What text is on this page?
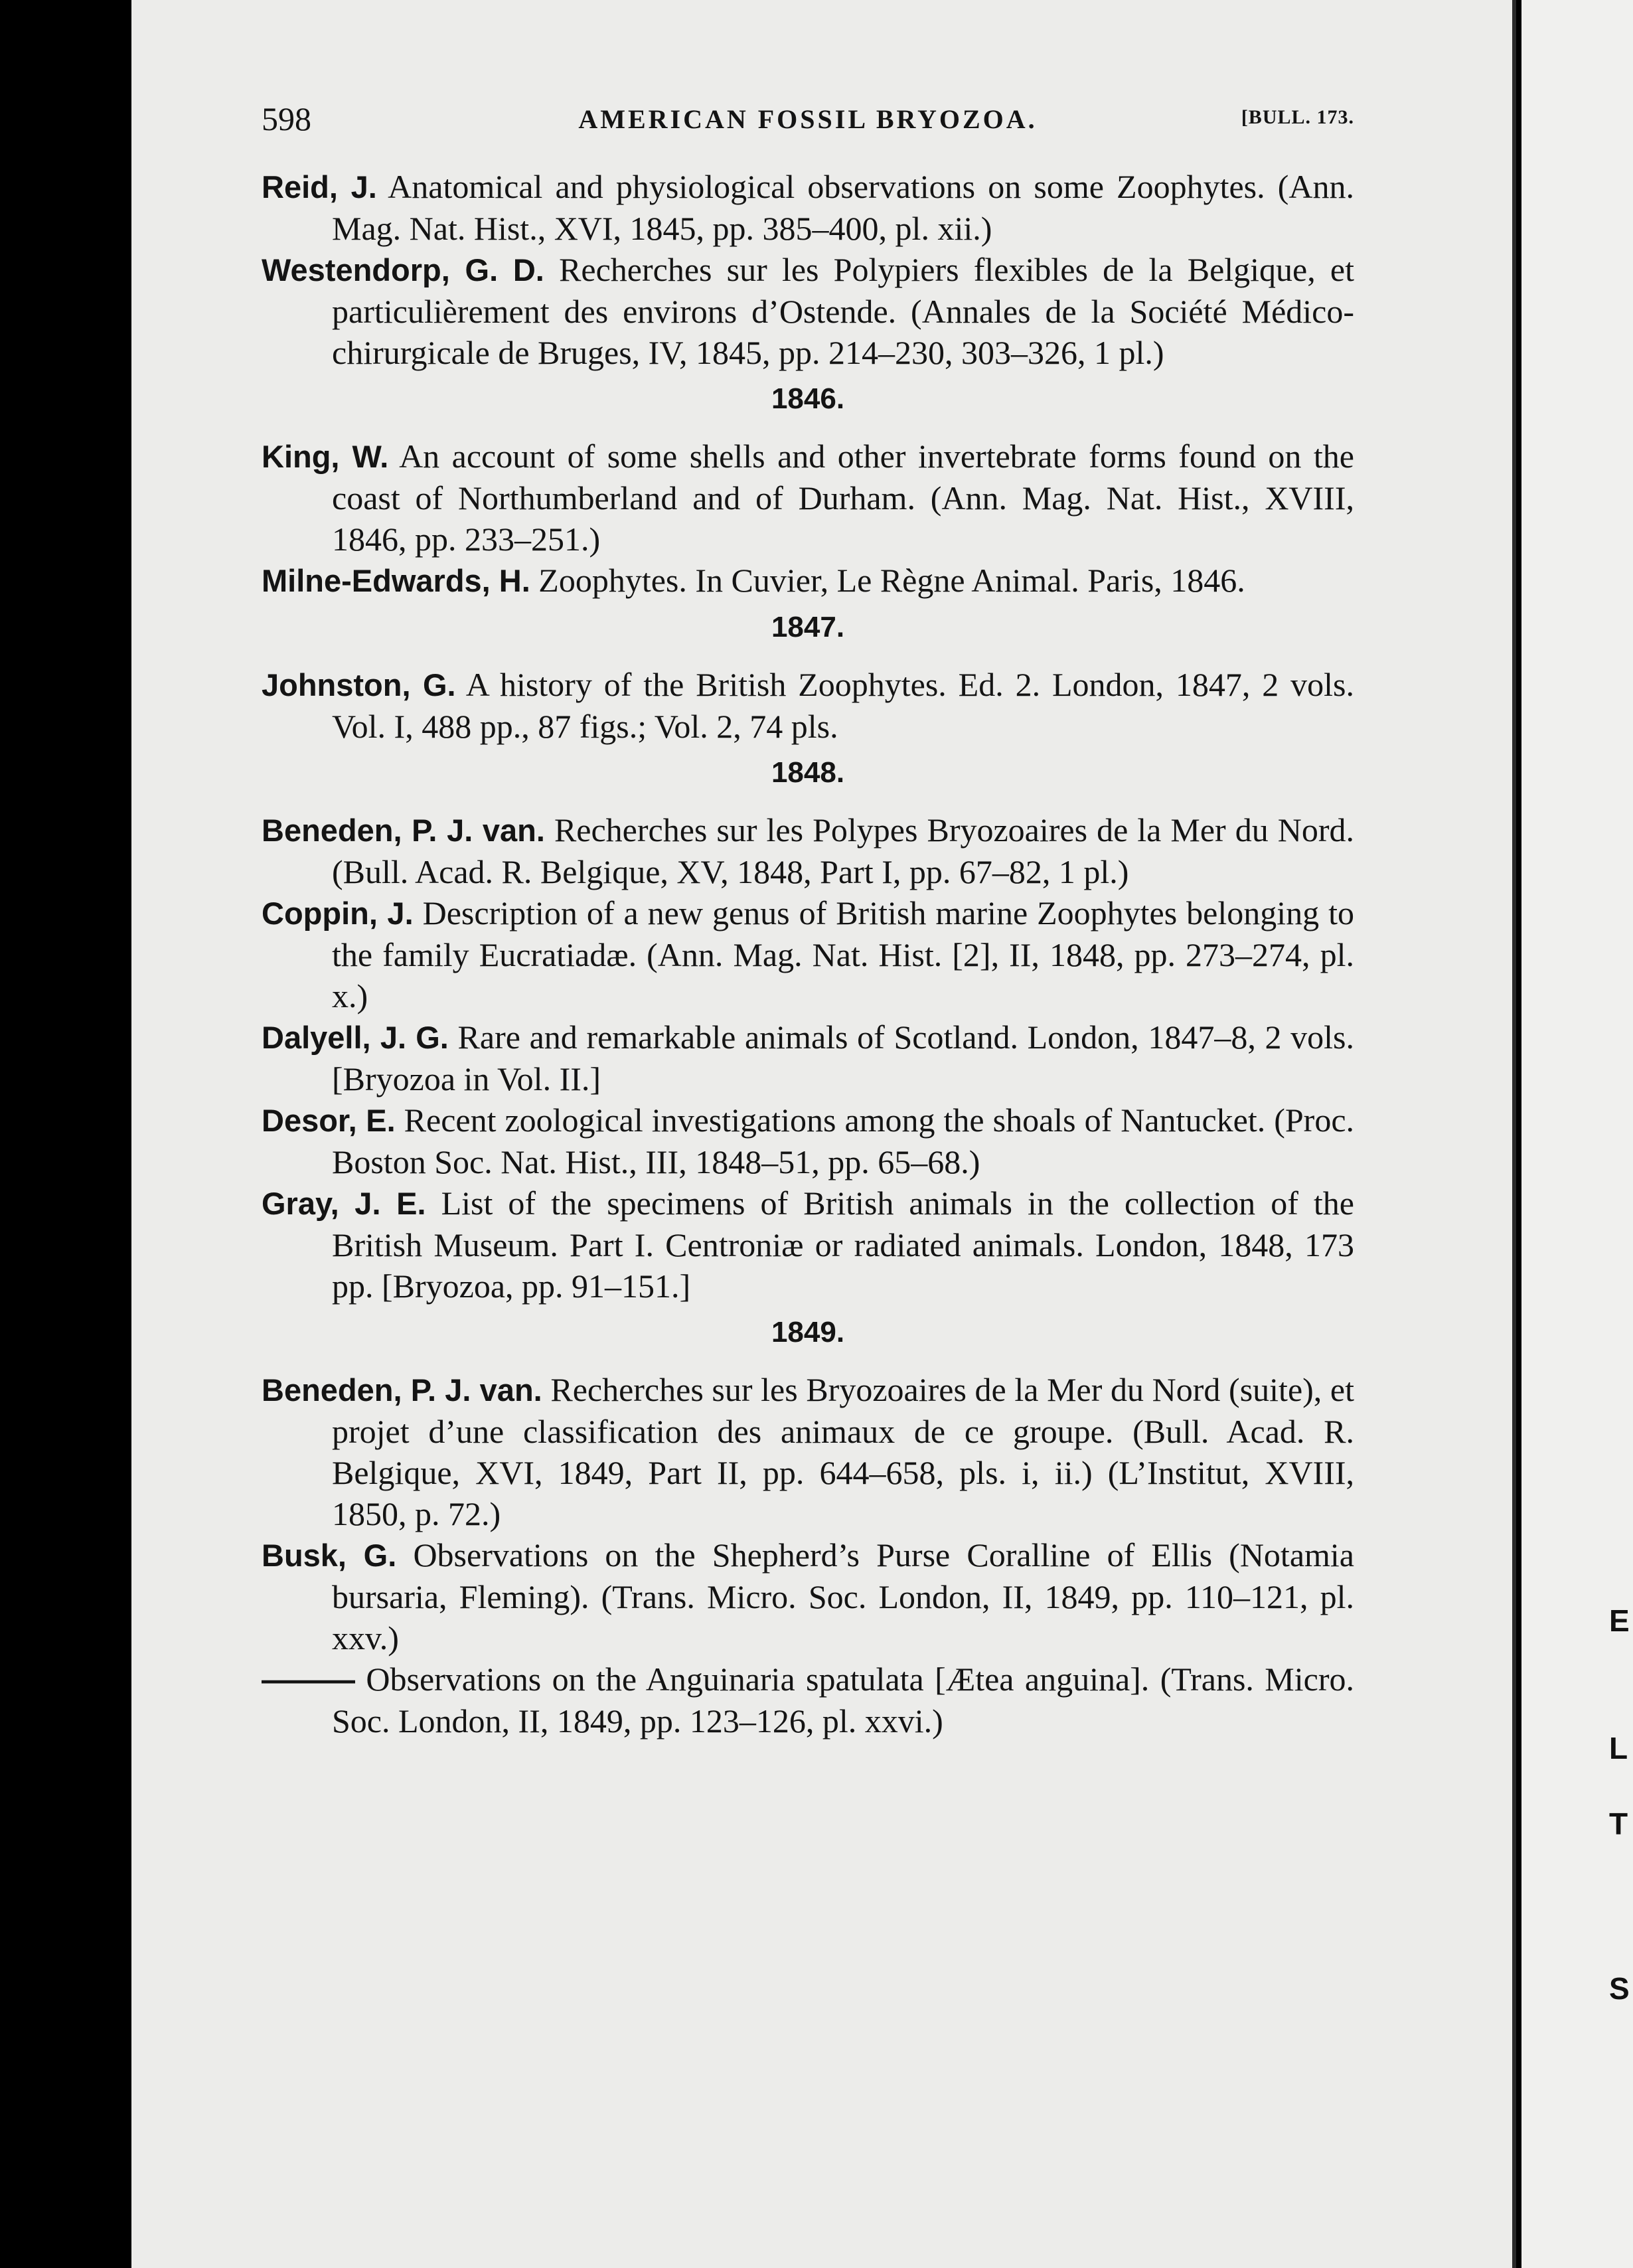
E
L
T
S
598	AMERICAN FOSSIL BRYOZOA.	[BULL. 173.
Reid, J. Anatomical and physiological observations on some Zoophytes. (Ann. Mag. Nat. Hist., XVI, 1845, pp. 385–400, pl. xii.)
Westendorp, G. D. Recherches sur les Polypiers flexibles de la Belgique, et particulièrement des environs d’Ostende. (Annales de la Société Médico-chirurgicale de Bruges, IV, 1845, pp. 214–230, 303–326, 1 pl.)
1846.
King, W. An account of some shells and other invertebrate forms found on the coast of Northumberland and of Durham. (Ann. Mag. Nat. Hist., XVIII, 1846, pp. 233–251.)
Milne-Edwards, H. Zoophytes. In Cuvier, Le Règne Animal. Paris, 1846.
1847.
Johnston, G. A history of the British Zoophytes. Ed. 2. London, 1847, 2 vols. Vol. I, 488 pp., 87 figs.; Vol. 2, 74 pls.
1848.
Beneden, P. J. van. Recherches sur les Polypes Bryozoaires de la Mer du Nord. (Bull. Acad. R. Belgique, XV, 1848, Part I, pp. 67–82, 1 pl.)
Coppin, J. Description of a new genus of British marine Zoophytes belonging to the family Eucratiadæ. (Ann. Mag. Nat. Hist. [2], II, 1848, pp. 273–274, pl. x.)
Dalyell, J. G. Rare and remarkable animals of Scotland. London, 1847–8, 2 vols. [Bryozoa in Vol. II.]
Desor, E. Recent zoological investigations among the shoals of Nantucket. (Proc. Boston Soc. Nat. Hist., III, 1848–51, pp. 65–68.)
Gray, J. E. List of the specimens of British animals in the collection of the British Museum. Part I. Centroniæ or radiated animals. London, 1848, 173 pp. [Bryozoa, pp. 91–151.]
1849.
Beneden, P. J. van. Recherches sur les Bryozoaires de la Mer du Nord (suite), et projet d’une classification des animaux de ce groupe. (Bull. Acad. R. Belgique, XVI, 1849, Part II, pp. 644–658, pls. i, ii.) (L’Institut, XVIII, 1850, p. 72.)
Busk, G. Observations on the Shepherd’s Purse Coralline of Ellis (Notamia bursaria, Fleming). (Trans. Micro. Soc. London, II, 1849, pp. 110–121, pl. xxv.)
——— Observations on the Anguinaria spatulata [Ætea anguina]. (Trans. Micro. Soc. London, II, 1849, pp. 123–126, pl. xxvi.)
